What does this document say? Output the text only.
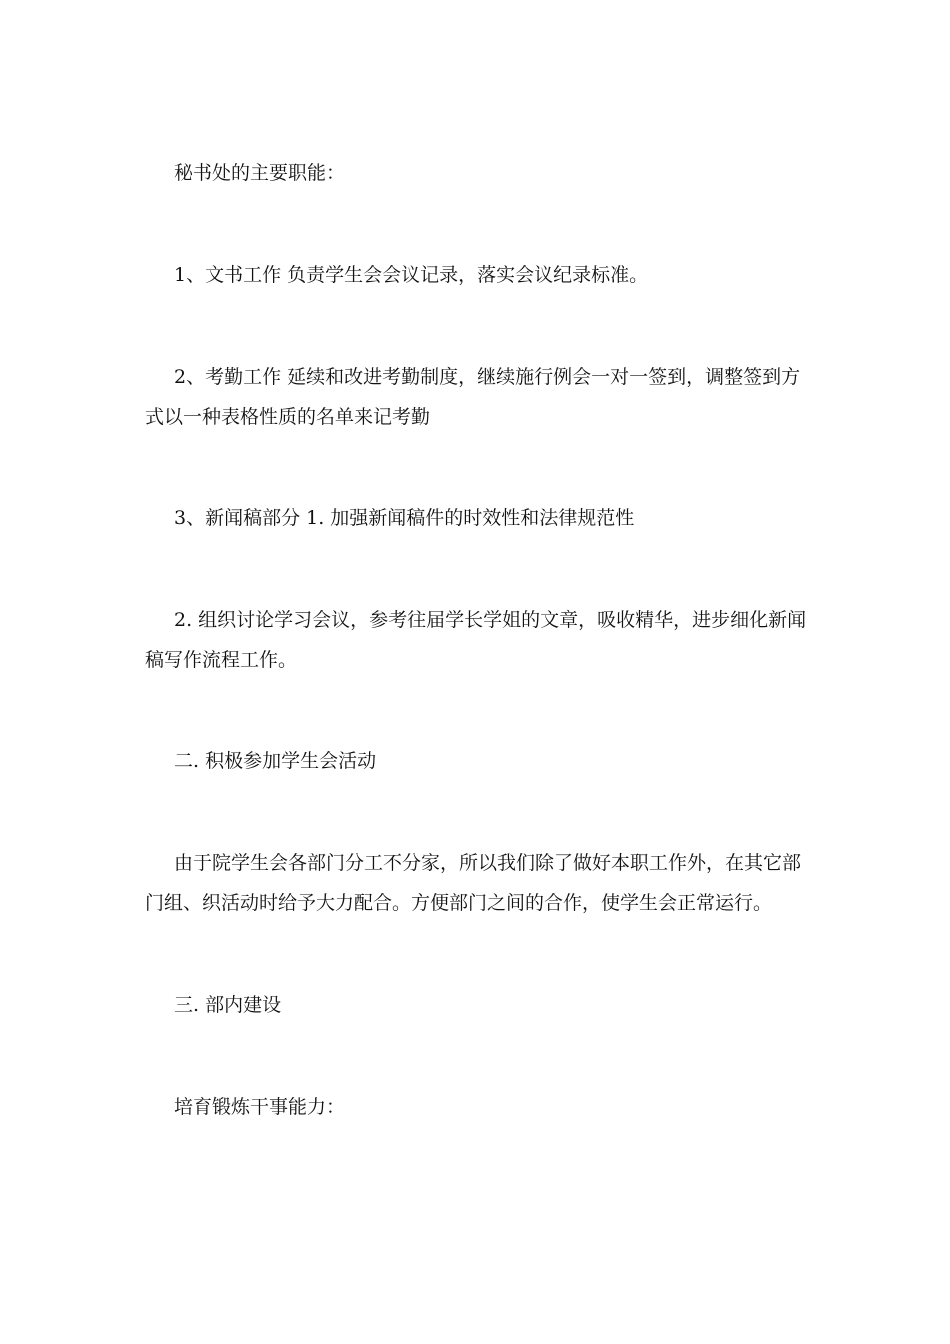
秘书处的主要职能：

1、文书工作 负责学生会会议记录，落实会议纪录标准。

2、考勤工作 延续和改进考勤制度，继续施行例会一对一签到，调整签到方式以一种表格性质的名单来记考勤

3、新闻稿部分 1. 加强新闻稿件的时效性和法律规范性

2. 组织讨论学习会议，参考往届学长学姐的文章，吸收精华，进步细化新闻稿写作流程工作。

二. 积极参加学生会活动

由于院学生会各部门分工不分家，所以我们除了做好本职工作外，在其它部门组、织活动时给予大力配合。方便部门之间的合作，使学生会正常运行。

三. 部内建设

培育锻炼干事能力：
